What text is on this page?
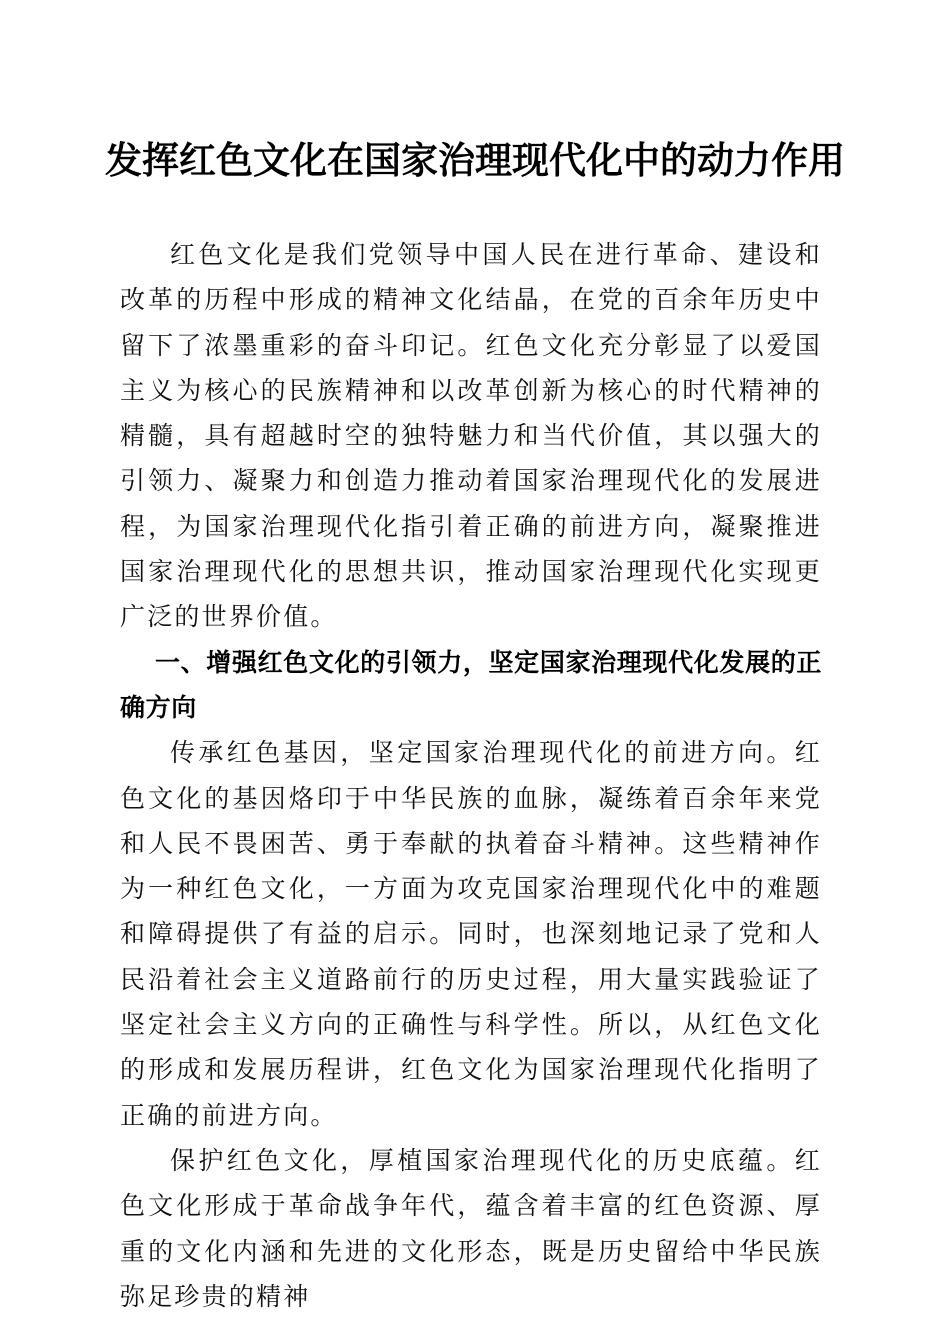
发挥红色文化在国家治理现代化中的动力作用

红色文化是我们党领导中国人民在进行革命、建设和改革的历程中形成的精神文化结晶，在党的百余年历史中留下了浓墨重彩的奋斗印记。红色文化充分彰显了以爱国主义为核心的民族精神和以改革创新为核心的时代精神的精髓，具有超越时空的独特魅力和当代价值，其以强大的引领力、凝聚力和创造力推动着国家治理现代化的发展进程，为国家治理现代化指引着正确的前进方向，凝聚推进国家治理现代化的思想共识，推动国家治理现代化实现更广泛的世界价值。

一、增强红色文化的引领力，坚定国家治理现代化发展的正确方向

传承红色基因，坚定国家治理现代化的前进方向。红色文化的基因烙印于中华民族的血脉，凝练着百余年来党和人民不畏困苦、勇于奉献的执着奋斗精神。这些精神作为一种红色文化，一方面为攻克国家治理现代化中的难题和障碍提供了有益的启示。同时，也深刻地记录了党和人民沿着社会主义道路前行的历史过程，用大量实践验证了坚定社会主义方向的正确性与科学性。所以，从红色文化的形成和发展历程讲，红色文化为国家治理现代化指明了正确的前进方向。

保护红色文化，厚植国家治理现代化的历史底蕴。红色文化形成于革命战争年代，蕴含着丰富的红色资源、厚重的文化内涵和先进的文化形态，既是历史留给中华民族弥足珍贵的精神
